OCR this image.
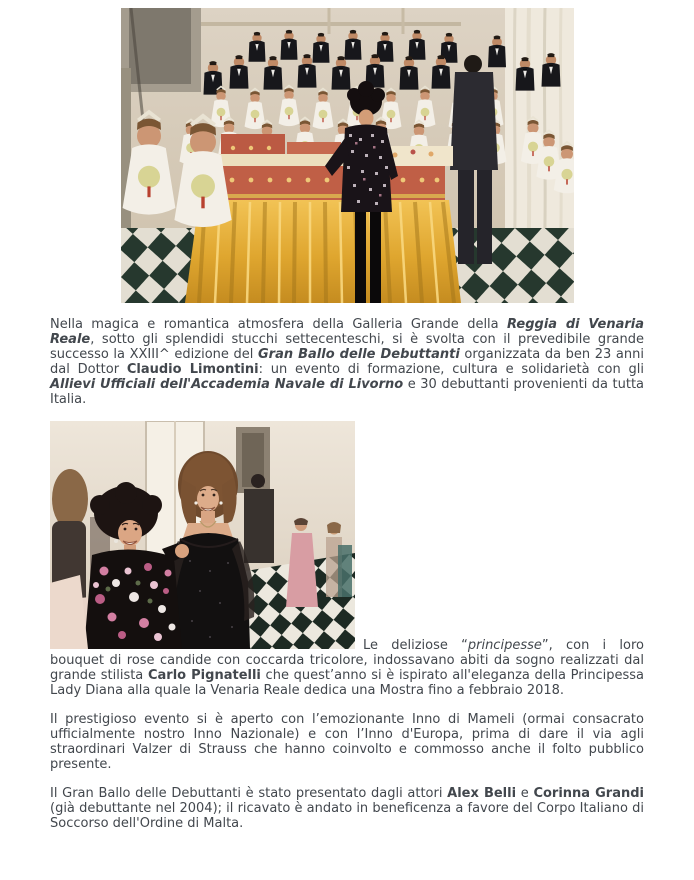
Nella magica e romantica atmosfera della Galleria Grande della Reggia di Venaria Reale, sotto gli splendidi stucchi settecenteschi, si è svolta con il prevedibile grande successo la XXIII^ edizione del Gran Ballo delle Debuttanti organizzata da ben 23 anni dal Dottor Claudio Limontini: un evento di formazione, cultura e solidarietà con gli Allievi Ufficiali dell'Accademia Navale di Livorno e 30 debuttanti provenienti da tutta Italia.

Le deliziose “principesse”, con i loro bouquet di rose candide con coccarda tricolore, indossavano abiti da sogno realizzati dal grande stilista Carlo Pignatelli che quest’anno si è ispirato all'eleganza della Principessa Lady Diana alla quale la Venaria Reale dedica una Mostra fino a febbraio 2018.

Il prestigioso evento si è aperto con l’emozionante Inno di Mameli (ormai consacrato ufficialmente nostro Inno Nazionale) e con l’Inno d'Europa, prima di dare il via agli straordinari Valzer di Strauss che hanno coinvolto e commosso anche il folto pubblico presente.

Il Gran Ballo delle Debuttanti è stato presentato dagli attori Alex Belli e Corinna Grandi (già debuttante nel 2004); il ricavato è andato in beneficenza a favore del Corpo Italiano di Soccorso dell'Ordine di Malta.
